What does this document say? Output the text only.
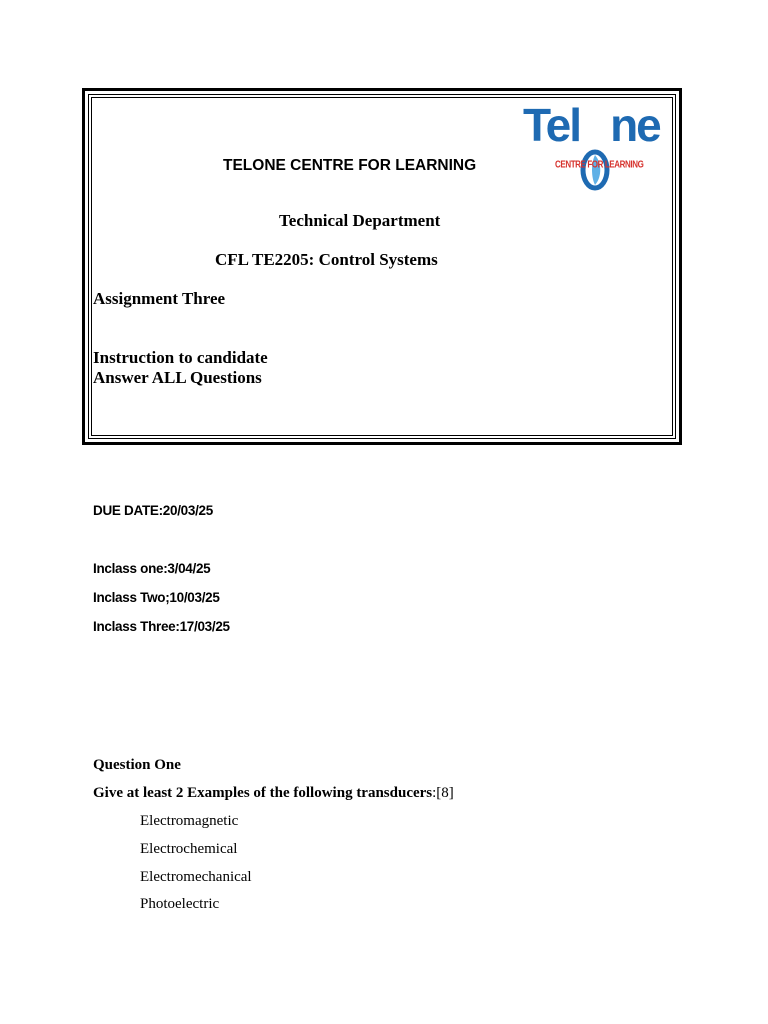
Tel ne
CENTRE FOR LEARNING
TELONE CENTRE FOR LEARNING
Technical Department
CFL TE2205: Control Systems
Assignment Three
Instruction to candidate
Answer ALL Questions
DUE DATE:20/03/25
Inclass one:3/04/25
Inclass Two;10/03/25
Inclass Three:17/03/25
Question One
Give at least 2 Examples of the following transducers:[8]
Electromagnetic
Electrochemical
Electromechanical
Photoelectric
